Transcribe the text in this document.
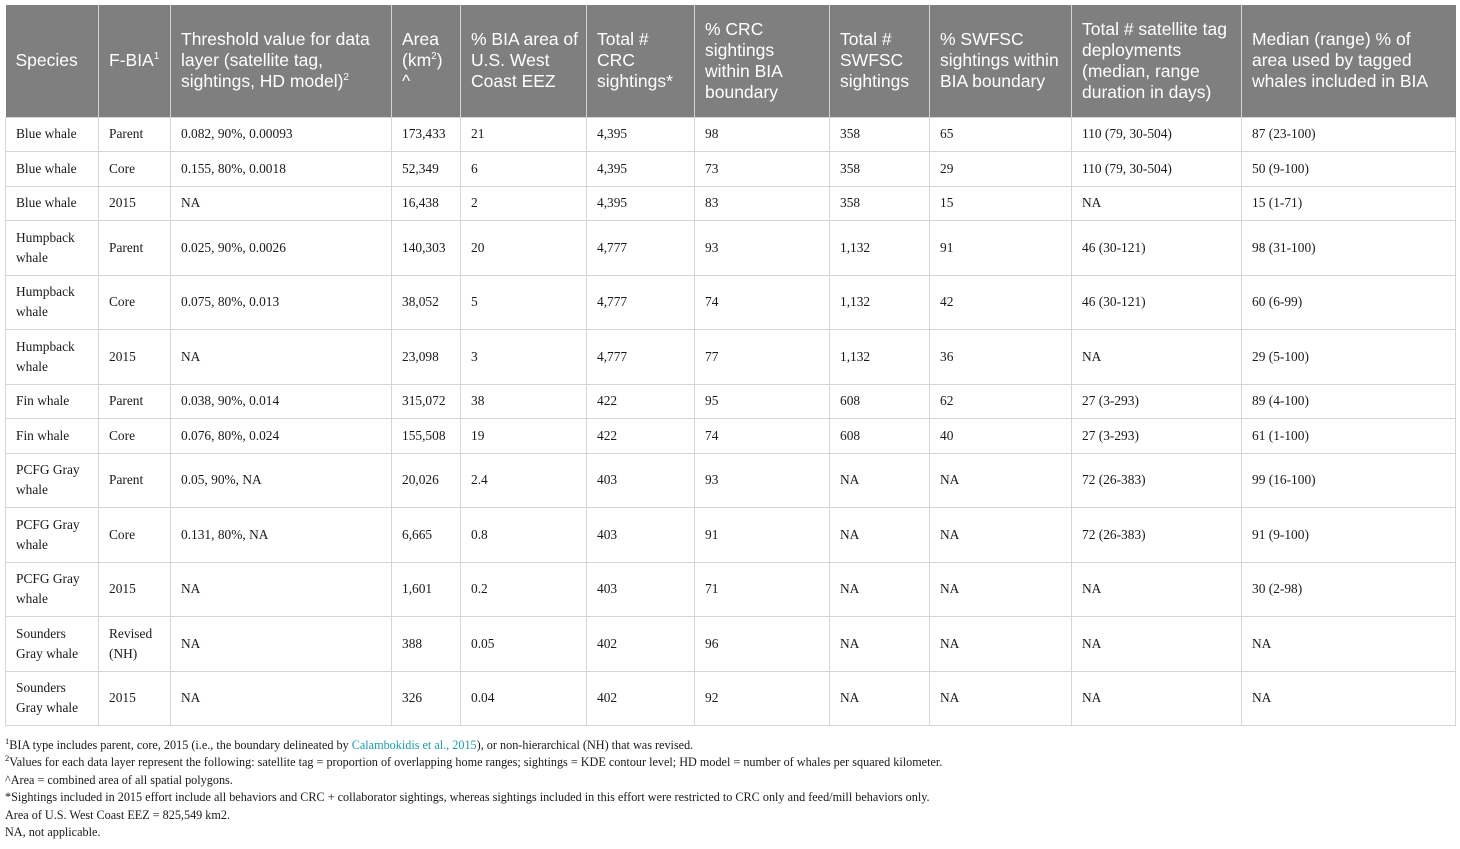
Species	F-BIA$^1$	Threshold value for data layer (satellite tag, sightings, HD model)$^2$	Area $(km^2)$ ^	% BIA area of U.S. West Coast EEZ	Total # CRC sightings*	% CRC sightings within BIA boundary	Total # SWFSC sightings	% SWFSC sightings within BIA boundary	Total # satellite tag deployments (median, range duration in days)	Median (range) % of area used by tagged whales included in BIA
Blue whale	Parent	0.082, 90%, 0.00093	173,433	21	4,395	98	358	65	110 (79, 30-504)	87 (23-100)
Blue whale	Core	0.155, 80%, 0.0018	52,349	6	4,395	73	358	29	110 (79, 30-504)	50 (9-100)
Blue whale	2015	NA	16,438	2	4,395	83	358	15	NA	15 (1-71)
Humpback whale	Parent	0.025, 90%, 0.0026	140,303	20	4,777	93	1,132	91	46 (30-121)	98 (31-100)
Humpback whale	Core	0.075, 80%, 0.013	38,052	5	4,777	74	1,132	42	46 (30-121)	60 (6-99)
Humpback whale	2015	NA	23,098	3	4,777	77	1,132	36	NA	29 (5-100)
Fin whale	Parent	0.038, 90%, 0.014	315,072	38	422	95	608	62	27 (3-293)	89 (4-100)
Fin whale	Core	0.076, 80%, 0.024	155,508	19	422	74	608	40	27 (3-293)	61 (1-100)
PCFG Gray whale	Parent	0.05, 90%, NA	20,026	2.4	403	93	NA	NA	72 (26-383)	99 (16-100)
PCFG Gray whale	Core	0.131, 80%, NA	6,665	0.8	403	91	NA	NA	72 (26-383)	91 (9-100)
PCFG Gray whale	2015	NA	1,601	0.2	403	71	NA	NA	NA	30 (2-98)
Sounders Gray whale	Revised (NH)	NA	388	0.05	402	96	NA	NA	NA	NA
Sounders Gray whale	2015	NA	326	0.04	402	92	NA	NA	NA	NA

$^1$BIA type includes parent, core, 2015 (i.e., the boundary delineated by Calambokidis et al., 2015), or non-hierarchical (NH) that was revised.

$^2$Values for each data layer represent the following: satellite tag = proportion of overlapping home ranges; sightings = KDE contour level; HD model = number of whales per squared kilometer.

^Area = combined area of all spatial polygons.

*Sightings included in 2015 effort include all behaviors and CRC + collaborator sightings, whereas sightings included in this effort were restricted to CRC only and feed/mill behaviors only.

Area of U.S. West Coast EEZ = 825,549 km2.

NA, not applicable.
